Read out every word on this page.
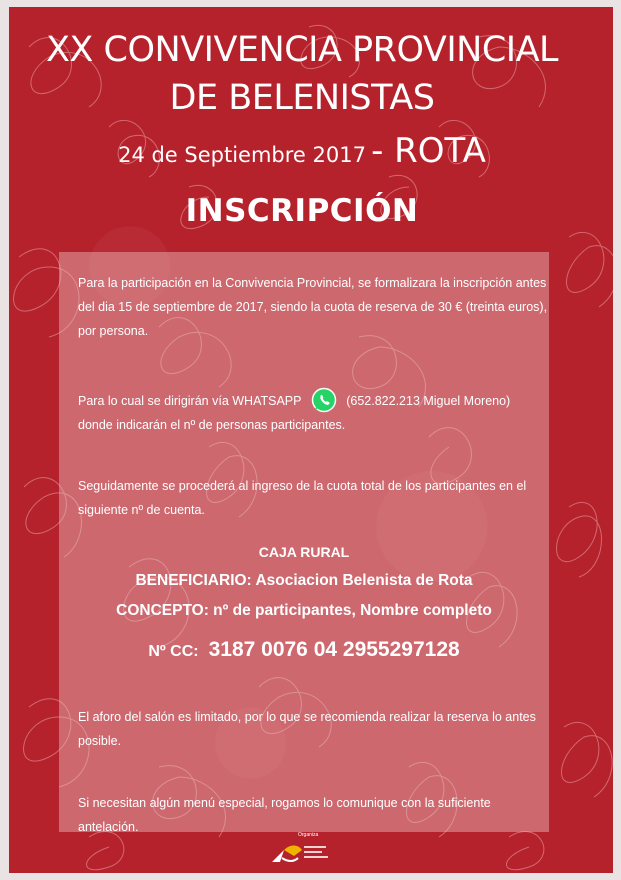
XX CONVIVENCIA PROVINCIAL
DE BELENISTAS
24 de Septiembre 2017 - ROTA
INSCRIPCIÓN
Para la participación en la Convivencia Provincial, se formalizara la inscripción antes del dia 15 de septiembre de 2017, siendo la cuota de reserva de 30 € (treinta euros), por persona.
Para lo cual se dirigirán vía WHATSAPP	(652.822.213 Miguel Moreno) donde indicarán el nº de personas participantes.
Seguidamente se procederá al ingreso de la cuota total de los participantes en el siguiente nº de cuenta.
CAJA RURAL
BENEFICIARIO: Asociacion Belenista de Rota
CONCEPTO: nº de participantes, Nombre completo
Nº CC: 3187 0076 04 2955297128
El aforo del salón es limitado, por lo que se recomienda realizar la reserva lo antes posible.
Si necesitan algún menú especial, rogamos lo comunique con la suficiente antelación.
Organiza
